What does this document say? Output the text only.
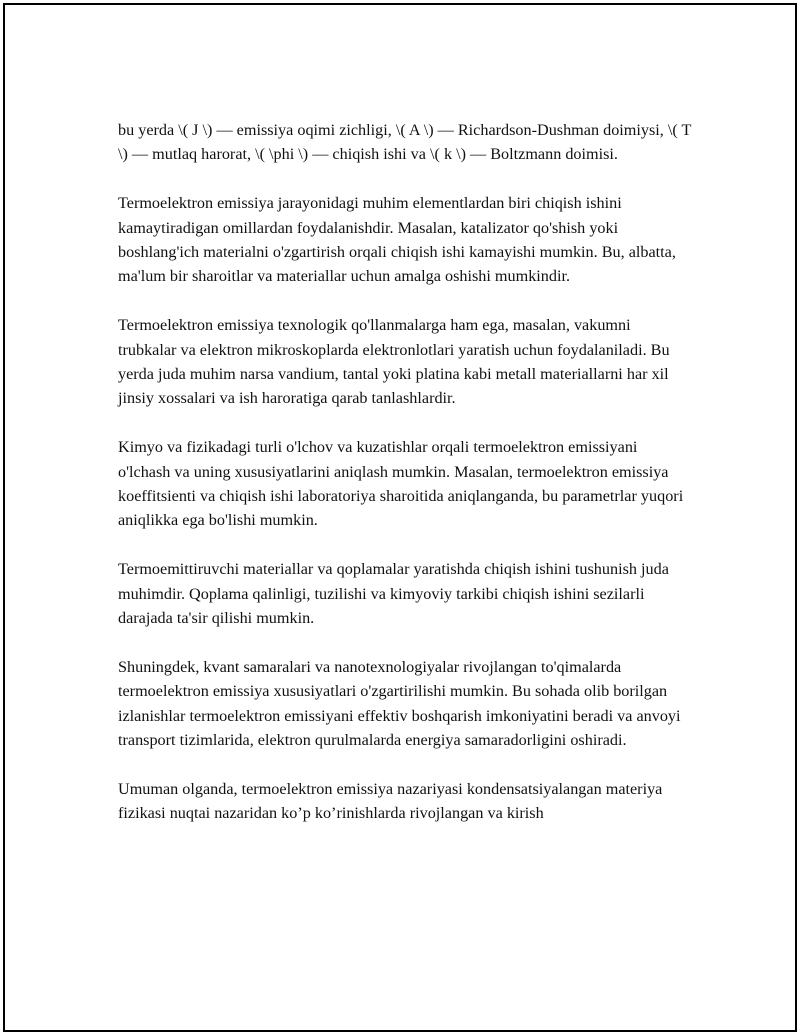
bu yerda \( J \) — emissiya oqimi zichligi, \( A \) — Richardson-Dushman doimiysi, \( T \) — mutlaq harorat, \( \phi \) — chiqish ishi va \( k \) — Boltzmann doimisi.

Termoelektron emissiya jarayonidagi muhim elementlardan biri chiqish ishini kamaytiradigan omillardan foydalanishdir. Masalan, katalizator qo'shish yoki boshlang'ich materialni o'zgartirish orqali chiqish ishi kamayishi mumkin. Bu, albatta, ma'lum bir sharoitlar va materiallar uchun amalga oshishi mumkindir.

Termoelektron emissiya texnologik qo'llanmalarga ham ega, masalan, vakumni trubkalar va elektron mikroskoplarda elektronlotlari yaratish uchun foydalaniladi. Bu yerda juda muhim narsa vandium, tantal yoki platina kabi metall materiallarni har xil jinsiy xossalari va ish haroratiga qarab tanlashlardir.

Kimyo va fizikadagi turli o'lchov va kuzatishlar orqali termoelektron emissiyani o'lchash va uning xususiyatlarini aniqlash mumkin. Masalan, termoelektron emissiya koeffitsienti va chiqish ishi laboratoriya sharoitida aniqlanganda, bu parametrlar yuqori aniqlikka ega bo'lishi mumkin.

Termoemittiruvchi materiallar va qoplamalar yaratishda chiqish ishini tushunish juda muhimdir. Qoplama qalinligi, tuzilishi va kimyoviy tarkibi chiqish ishini sezilarli darajada ta'sir qilishi mumkin.

Shuningdek, kvant samaralari va nanotexnologiyalar rivojlangan to'qimalarda termoelektron emissiya xususiyatlari o'zgartirilishi mumkin. Bu sohada olib borilgan izlanishlar termoelektron emissiyani effektiv boshqarish imkoniyatini beradi va anvoyi transport tizimlarida, elektron qurulmalarda energiya samaradorligini oshiradi.

Umuman olganda, termoelektron emissiya nazariyasi kondensatsiyalangan materiya fizikasi nuqtai nazaridan ko’p ko’rinishlarda rivojlangan va kirish
